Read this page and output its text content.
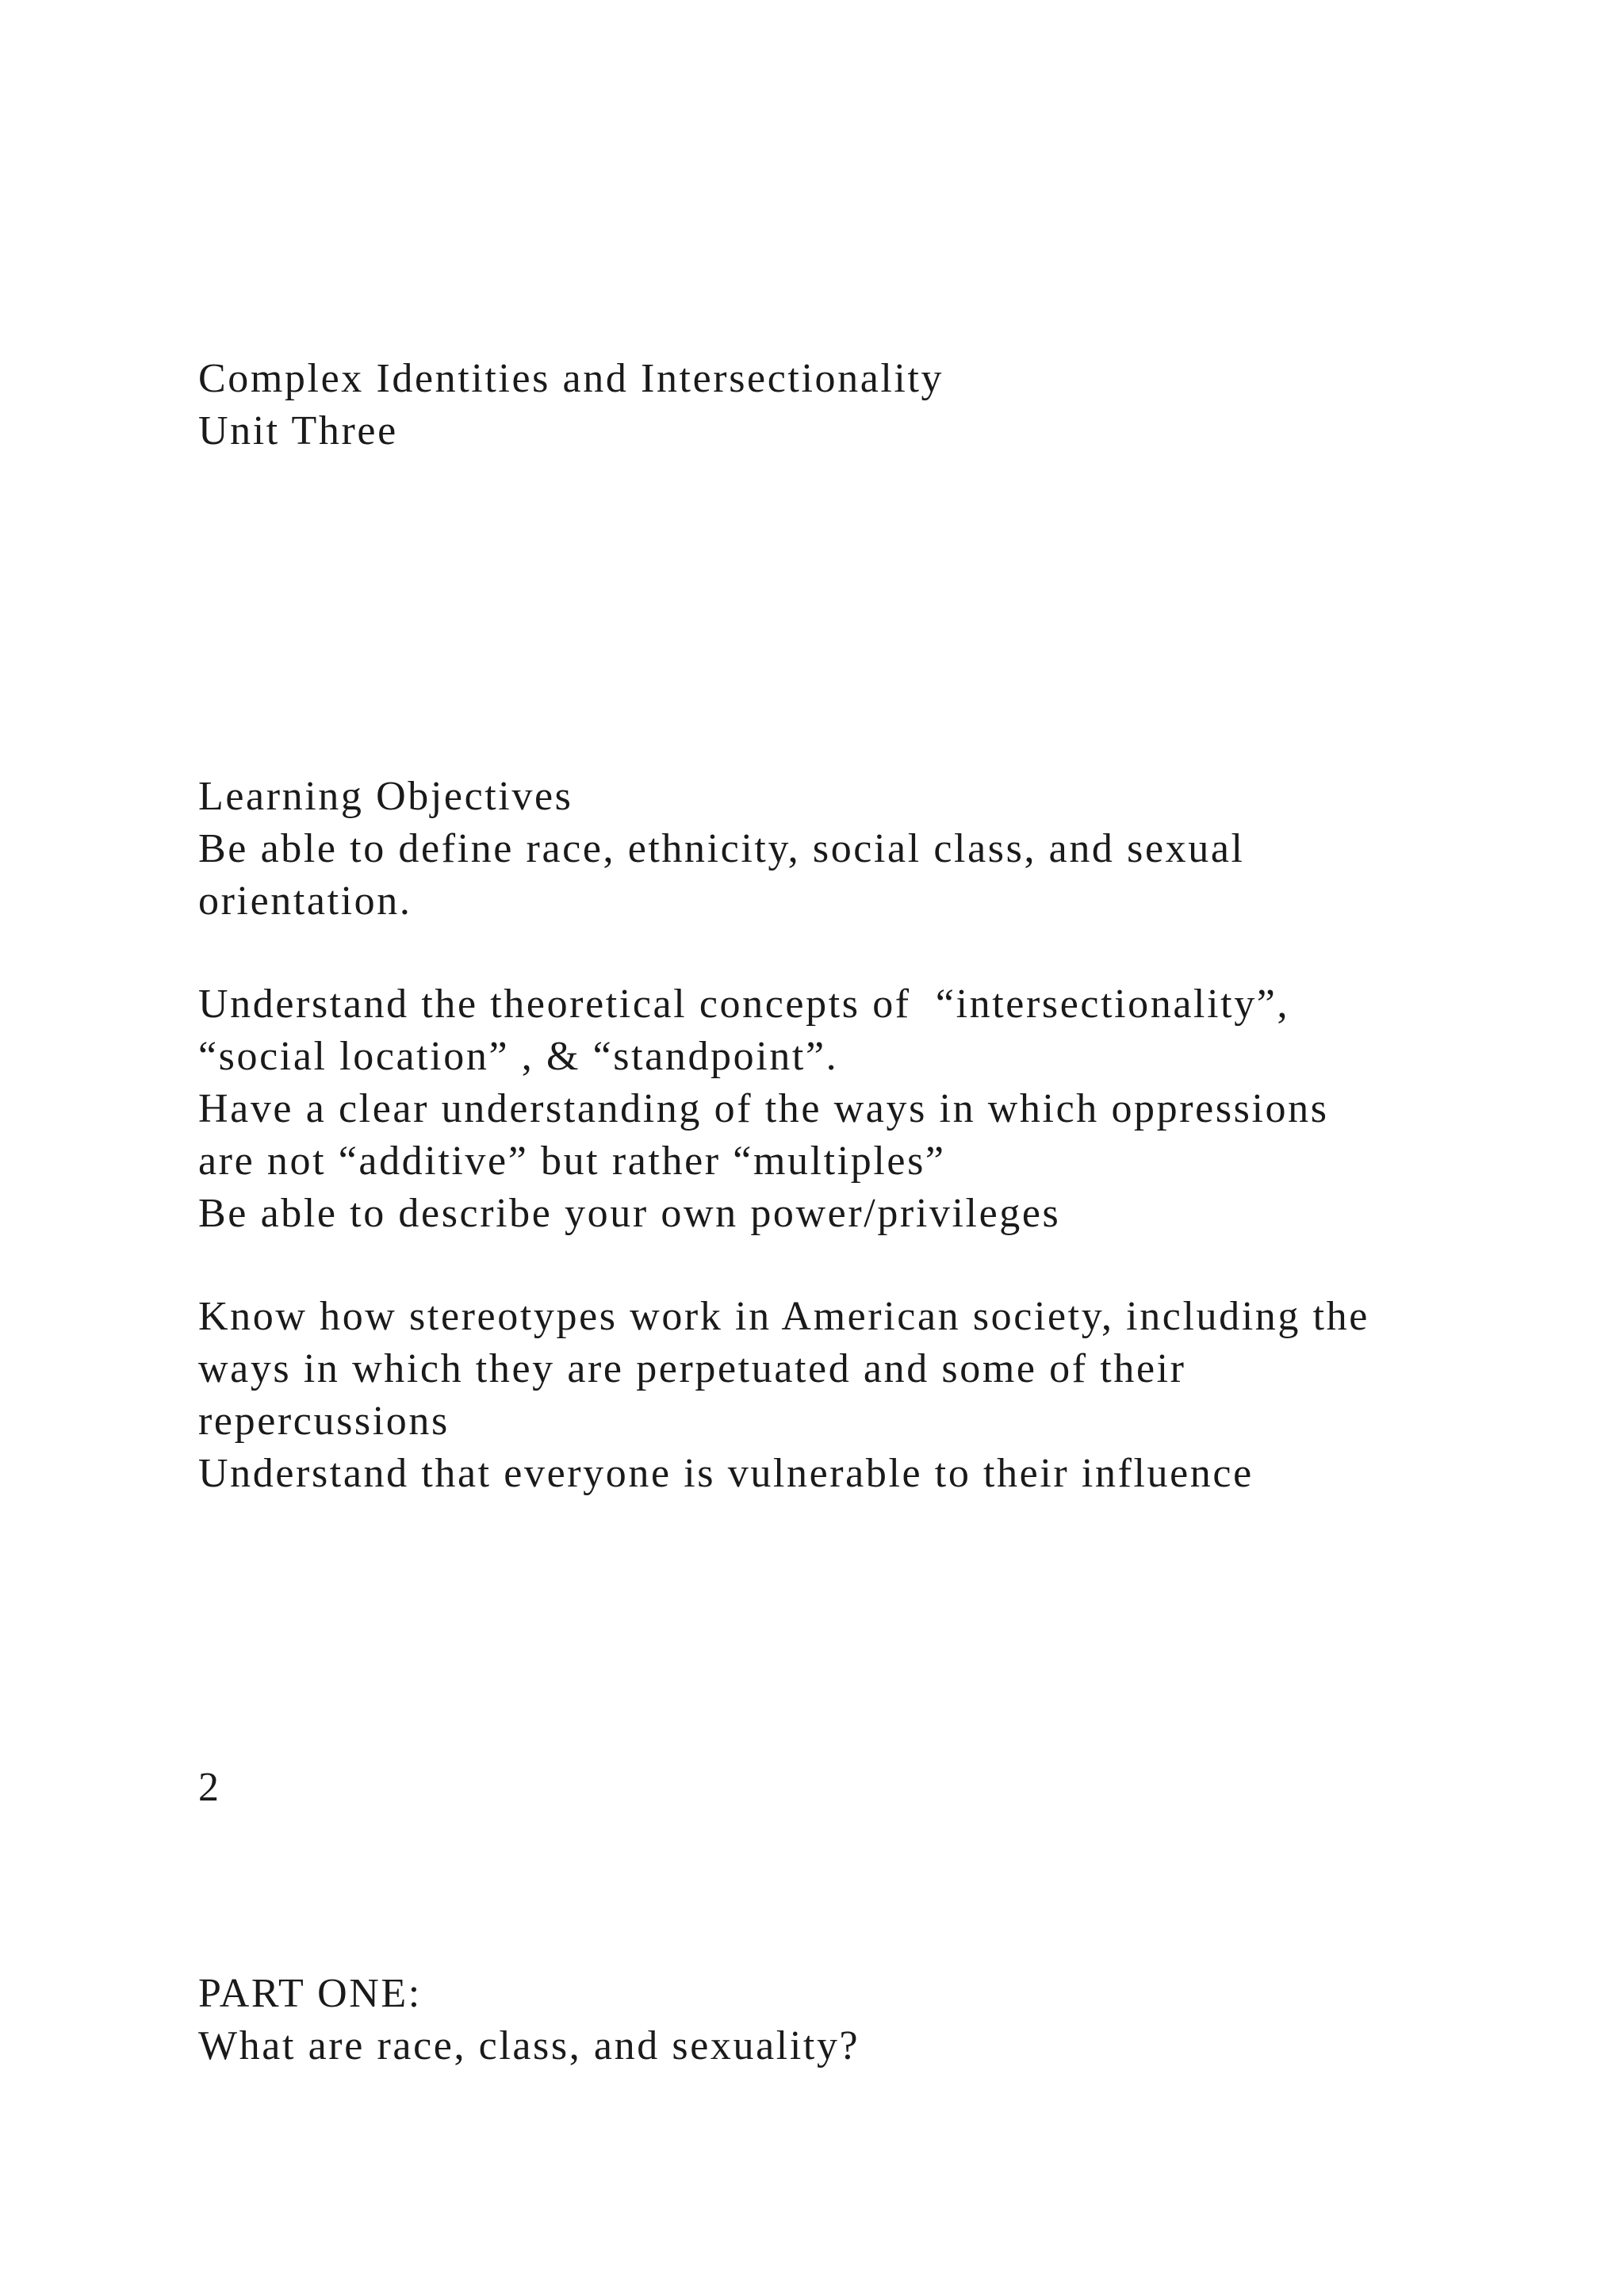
Complex Identities and Intersectionality

Unit Three

Learning Objectives

Be able to define race, ethnicity, social class, and sexual

orientation.

Understand the theoretical concepts of  “intersectionality”,

“social location” , & “standpoint”.

Have a clear understanding of the ways in which oppressions

are not “additive” but rather “multiples”

Be able to describe your own power/privileges

Know how stereotypes work in American society, including the

ways in which they are perpetuated and some of their

repercussions

Understand that everyone is vulnerable to their influence

2

PART ONE:

What are race, class, and sexuality?
